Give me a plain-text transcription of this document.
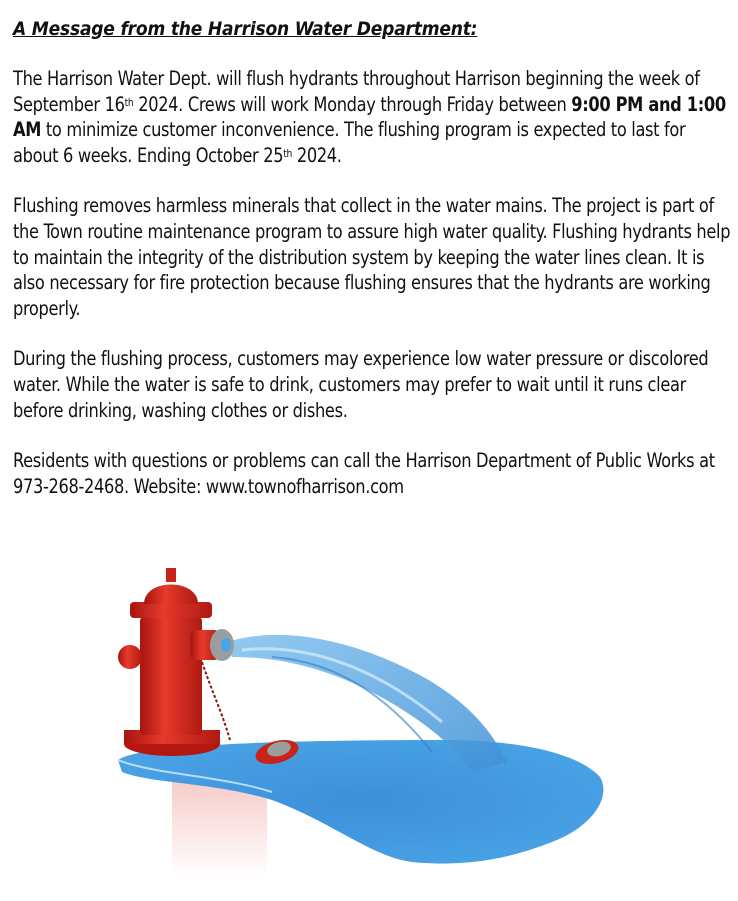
A Message from the Harrison Water Department:
The Harrison Water Dept. will flush hydrants throughout Harrison beginning the week of September 16th 2024. Crews will work Monday through Friday between 9:00 PM and 1:00 AM to minimize customer inconvenience. The flushing program is expected to last for about 6 weeks. Ending October 25th 2024.
Flushing removes harmless minerals that collect in the water mains. The project is part of the Town routine maintenance program to assure high water quality. Flushing hydrants help to maintain the integrity of the distribution system by keeping the water lines clean. It is also necessary for fire protection because flushing ensures that the hydrants are working properly.
During the flushing process, customers may experience low water pressure or discolored water. While the water is safe to drink, customers may prefer to wait until it runs clear before drinking, washing clothes or dishes.
Residents with questions or problems can call the Harrison Department of Public Works at 973-268-2468. Website: www.townofharrison.com
